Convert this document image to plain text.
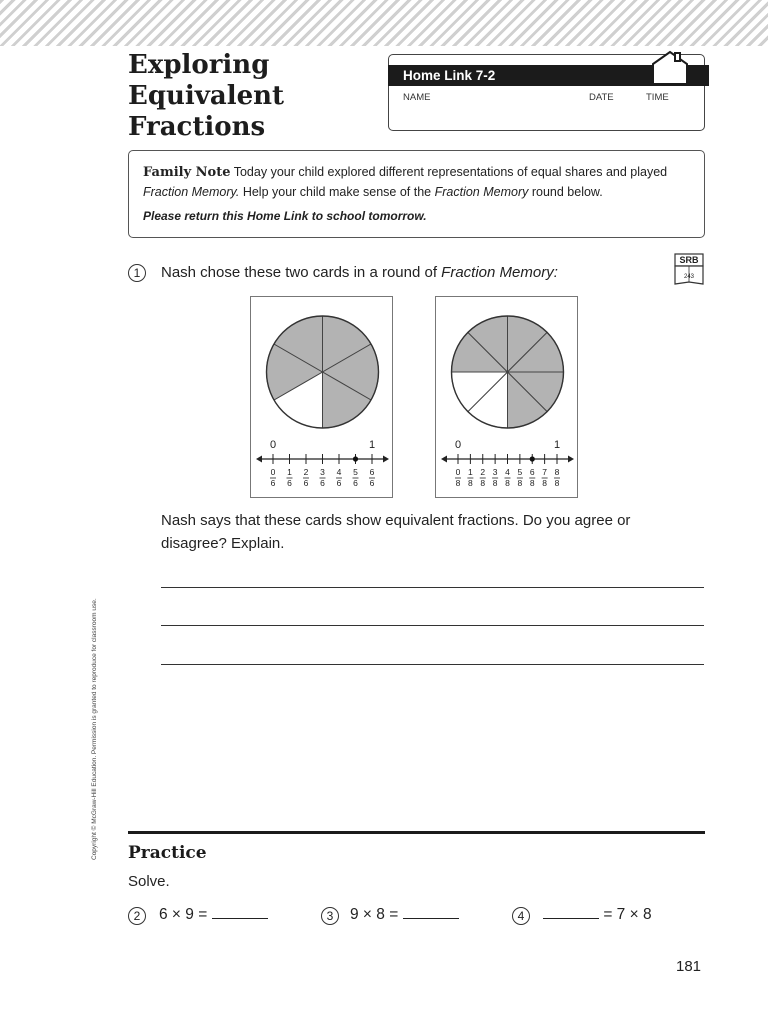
Exploring
Equivalent
Fractions
Home Link 7-2
NAME	DATE	TIME
Family Note Today your child explored different representations of equal shares and played Fraction Memory. Help your child make sense of the Fraction Memory round below.
Please return this Home Link to school tomorrow.
1	Nash chose these two cards in a round of Fraction Memory:
SRB
243
0	1
0
6
1
6
2
6
3
6
4
6
5
6
6
6
0	1
0
8
1
8
2
8
3
8
4
8
5
8
6
8
7
8
8
8
Nash says that these cards show equivalent fractions. Do you agree or
disagree? Explain.
Copyright © McGraw-Hill Education. Permission is granted to reproduce for classroom use. Practice
Solve.
2	6 × 9 =	3	9 × 8 =	4	= 7 × 8
181
